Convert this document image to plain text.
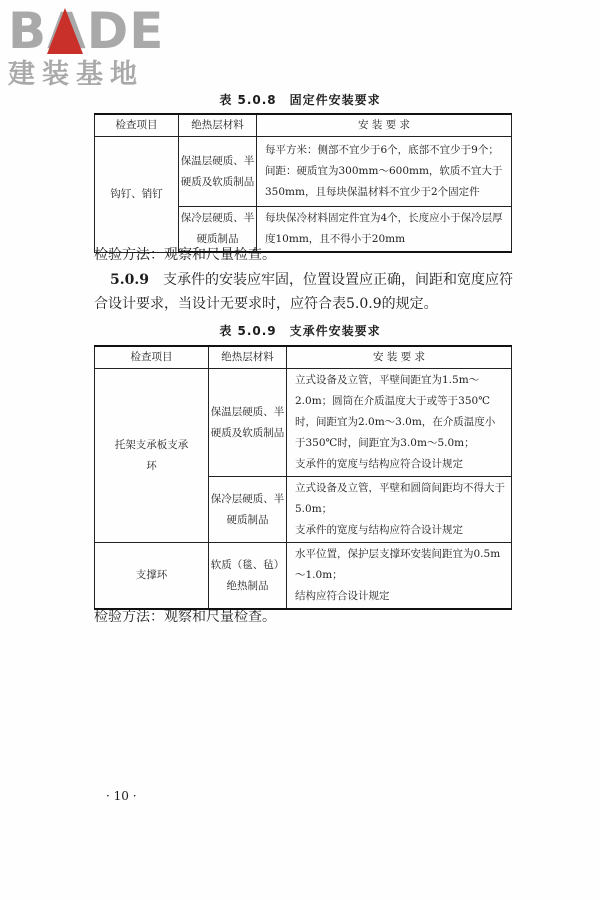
BADE
建装基地
表 5.0.8　固定件安装要求
检查项目	绝热层材料	安 装 要 求
钩钉、销钉	保温层硬质、半硬质及软质制品	每平方米：侧部不宜少于6个，底部不宜少于9个；间距：硬质宜为300mm～600mm，软质不宜大于350mm，且每块保温材料不宜少于2个固定件
	保冷层硬质、半硬质制品	每块保冷材料固定件宜为4个，长度应小于保冷层厚度10mm，且不得小于20mm
检验方法：观察和尺量检查。
5.0.9　 支承件的安装应牢固，位置设置应正确，间距和宽度应符合设计要求，当设计无要求时，应符合表5.0.9的规定。
表 5.0.9　支承件安装要求
检查项目	绝热层材料	安 装 要 求
托架支承板支承环	保温层硬质、半硬质及软质制品	立式设备及立管，平壁间距宜为1.5m～2.0m；圆筒在介质温度大于或等于350℃时，间距宜为2.0m～3.0m，在介质温度小于350℃时，间距宜为3.0m～5.0m；
支承件的宽度与结构应符合设计规定

	保冷层硬质、半硬质制品	立式设备及立管，平壁和圆筒间距均不得大于5.0m；
支承件的宽度与结构应符合设计规定

支撑环	软质（毯、毡）绝热制品	水平位置，保护层支撑环安装间距宜为0.5m～1.0m；
结构应符合设计规定
检验方法：观察和尺量检查。
· 10 ·
